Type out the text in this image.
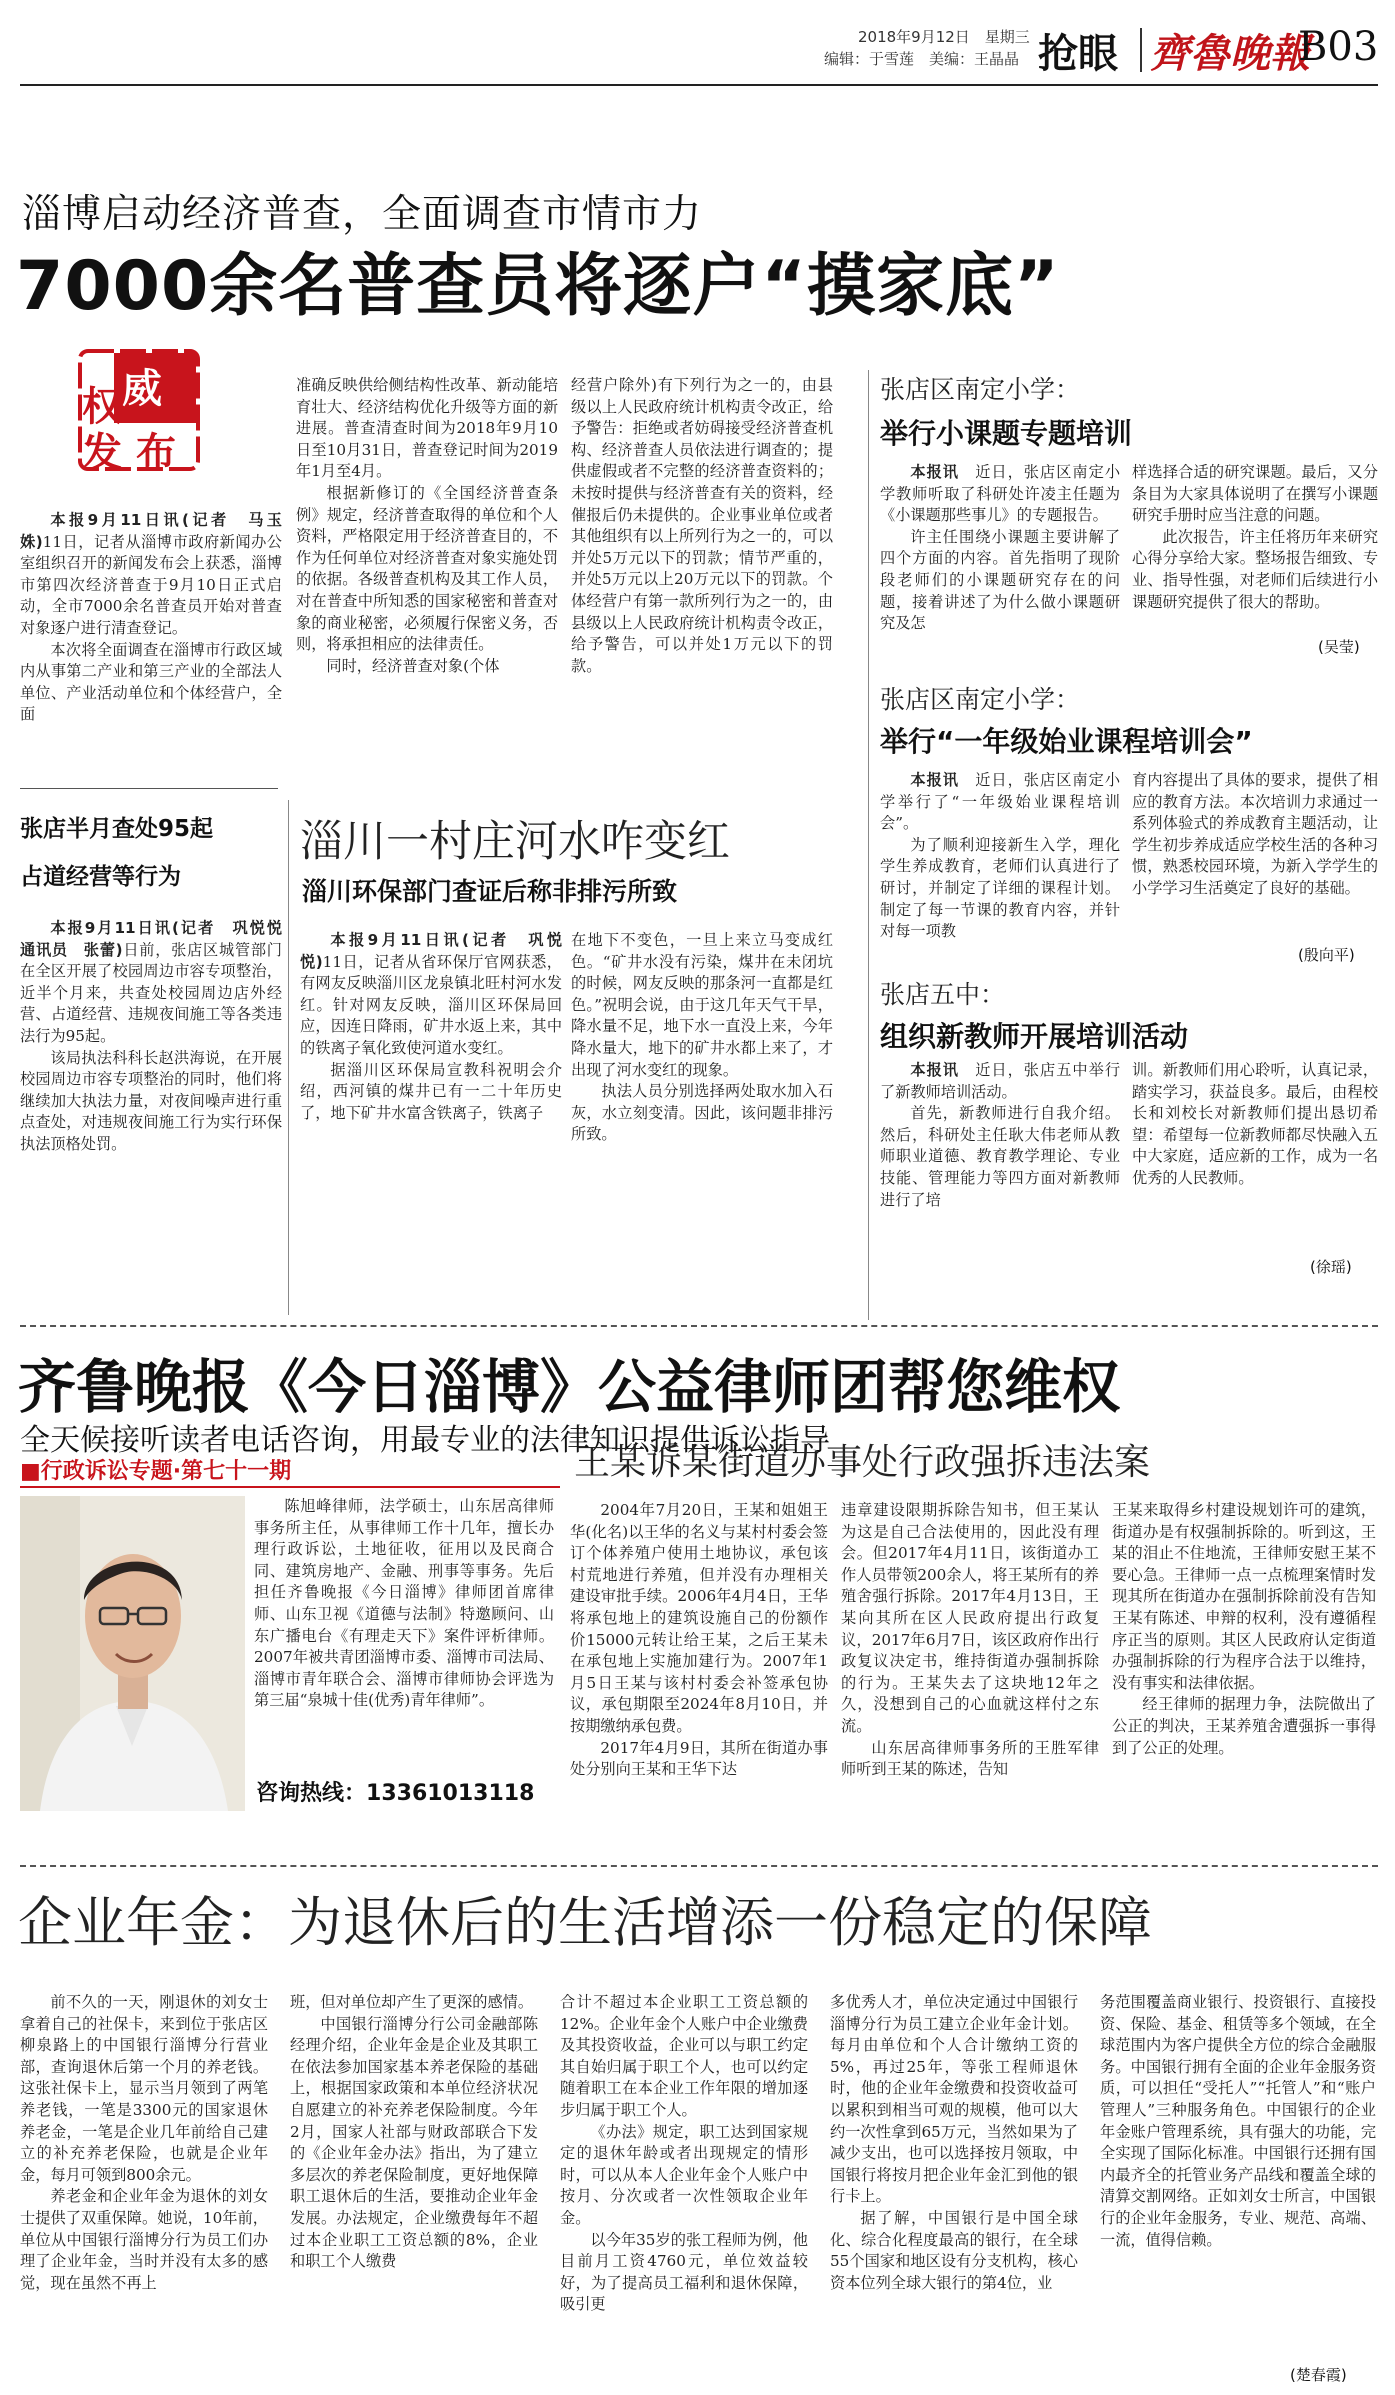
2018年9月12日　星期三
编辑：于雪莲　美编：王晶晶 抢眼 齊魯晚報
B03
淄博启动经济普查，全面调查市情市力
7000余名普查员将逐户“摸家底”
威
权
发 布

本报9月11日讯(记者　马玉姝)11日，记者从淄博市政府新闻办公室组织召开的新闻发布会上获悉，淄博市第四次经济普查于9月10日正式启动，全市7000余名普查员开始对普查对象逐户进行清查登记。

本次将全面调查在淄博市行政区域内从事第二产业和第三产业的全部法人单位、产业活动单位和个体经营户，全面

准确反映供给侧结构性改革、新动能培育壮大、经济结构优化升级等方面的新进展。普查清查时间为2018年9月10日至10月31日，普查登记时间为2019年1月至4月。

根据新修订的《全国经济普查条例》规定，经济普查取得的单位和个人资料，严格限定用于经济普查目的，不作为任何单位对经济普查对象实施处罚的依据。各级普查机构及其工作人员，对在普查中所知悉的国家秘密和普查对象的商业秘密，必须履行保密义务，否则，将承担相应的法律责任。

同时，经济普查对象(个体

经营户除外)有下列行为之一的，由县级以上人民政府统计机构责令改正，给予警告：拒绝或者妨碍接受经济普查机构、经济普查人员依法进行调查的；提供虚假或者不完整的经济普查资料的；未按时提供与经济普查有关的资料，经催报后仍未提供的。企业事业单位或者其他组织有以上所列行为之一的，可以并处5万元以下的罚款；情节严重的，并处5万元以上20万元以下的罚款。个体经营户有第一款所列行为之一的，由县级以上人民政府统计机构责令改正，给予警告，可以并处1万元以下的罚款。

张店半月查处95起
占道经营等行为

本报9月11日讯(记者　巩悦悦　通讯员　张蕾)日前，张店区城管部门在全区开展了校园周边市容专项整治，近半个月来，共查处校园周边店外经营、占道经营、违规夜间施工等各类违法行为95起。

该局执法科科长赵洪海说，在开展校园周边市容专项整治的同时，他们将继续加大执法力量，对夜间噪声进行重点查处，对违规夜间施工行为实行环保执法顶格处罚。

淄川一村庄河水咋变红
淄川环保部门查证后称非排污所致

本报9月11日讯(记者　巩悦悦)11日，记者从省环保厅官网获悉，有网友反映淄川区龙泉镇北旺村河水发红。针对网友反映，淄川区环保局回应，因连日降雨，矿井水返上来，其中的铁离子氧化致使河道水变红。

据淄川区环保局宣教科祝明会介绍，西河镇的煤井已有一二十年历史了，地下矿井水富含铁离子，铁离子

在地下不变色，一旦上来立马变成红色。“矿井水没有污染，煤井在未闭坑的时候，网友反映的那条河一直都是红色。”祝明会说，由于这几年天气干旱，降水量不足，地下水一直没上来，今年降水量大，地下的矿井水都上来了，才出现了河水变红的现象。

执法人员分别选择两处取水加入石灰，水立刻变清。因此，该问题非排污所致。

张店区南定小学：
举行小课题专题培训

本报讯　 近日，张店区南定小学教师听取了科研处许凌主任题为《小课题那些事儿》的专题报告。

许主任围绕小课题主要讲解了四个方面的内容。首先指明了现阶段老师们的小课题研究存在的问题，接着讲述了为什么做小课题研究及怎

样选择合适的研究课题。最后，又分条目为大家具体说明了在撰写小课题研究手册时应当注意的问题。

此次报告，许主任将历年来研究心得分享给大家。整场报告细致、专业、指导性强，对老师们后续进行小课题研究提供了很大的帮助。

(吴莹)
张店区南定小学：
举行“一年级始业课程培训会”

本报讯　 近日，张店区南定小学举行了“一年级始业课程培训会”。

为了顺利迎接新生入学，理化学生养成教育，老师们认真进行了研讨，并制定了详细的课程计划。制定了每一节课的教育内容，并针对每一项教

育内容提出了具体的要求，提供了相应的教育方法。本次培训力求通过一系列体验式的养成教育主题活动，让学生初步养成适应学校生活的各种习惯，熟悉校园环境，为新入学学生的小学学习生活奠定了良好的基础。

(殷向平)
张店五中：
组织新教师开展培训活动

本报讯　 近日，张店五中举行了新教师培训活动。

首先，新教师进行自我介绍。然后，科研处主任耿大伟老师从教师职业道德、教育教学理论、专业技能、管理能力等四方面对新教师进行了培

训。新教师们用心聆听，认真记录，踏实学习，获益良多。最后，由程校长和刘校长对新教师们提出恳切希望：希望每一位新教师都尽快融入五中大家庭，适应新的工作，成为一名优秀的人民教师。

(徐瑶)
齐鲁晚报《今日淄博》公益律师团帮您维权
全天候接听读者电话咨询，用最专业的法律知识提供诉讼指导
■行政诉讼专题·第七十一期

陈旭峰律师，法学硕士，山东居高律师事务所主任，从事律师工作十几年，擅长办理行政诉讼，土地征收，征用以及民商合同、建筑房地产、金融、刑事等事务。先后担任齐鲁晚报《今日淄博》律师团首席律师、山东卫视《道德与法制》特邀顾问、山东广播电台《有理走天下》案件评析律师。2007年被共青团淄博市委、淄博市司法局、淄博市青年联合会、淄博市律师协会评选为第三届“泉城十佳(优秀)青年律师”。

咨询热线：13361013118
王某诉某街道办事处行政强拆违法案

2004年7月20日，王某和姐姐王华(化名)以王华的名义与某村村委会签订个体养殖户使用土地协议，承包该村荒地进行养殖，但并没有办理相关建设审批手续。2006年4月4日，王华将承包地上的建筑设施自己的份额作价15000元转让给王某，之后王某未在承包地上实施加建行为。2007年1月5日王某与该村村委会补签承包协议，承包期限至2024年8月10日，并按期缴纳承包费。

2017年4月9日，其所在街道办事处分别向王某和王华下达

违章建设限期拆除告知书，但王某认为这是自己合法使用的，因此没有理会。但2017年4月11日，该街道办工作人员带领200余人，将王某所有的养殖舍强行拆除。2017年4月13日，王某向其所在区人民政府提出行政复议，2017年6月7日，该区政府作出行政复议决定书，维持街道办强制拆除的行为。王某失去了这块地12年之久，没想到自己的心血就这样付之东流。

山东居高律师事务所的王胜军律师听到王某的陈述，告知

王某来取得乡村建设规划许可的建筑，街道办是有权强制拆除的。听到这，王某的泪止不住地流，王律师安慰王某不要心急。王律师一点一点梳理案情时发现其所在街道办在强制拆除前没有告知王某有陈述、申辩的权利，没有遵循程序正当的原则。其区人民政府认定街道办强制拆除的行为程序合法于以维持，没有事实和法律依据。

经王律师的据理力争，法院做出了公正的判决，王某养殖舍遭强拆一事得到了公正的处理。

企业年金：为退休后的生活增添一份稳定的保障

前不久的一天，刚退休的刘女士拿着自己的社保卡，来到位于张店区柳泉路上的中国银行淄博分行营业部，查询退休后第一个月的养老钱。这张社保卡上，显示当月领到了两笔养老钱，一笔是3300元的国家退休养老金，一笔是企业几年前给自己建立的补充养老保险，也就是企业年金，每月可领到800余元。

养老金和企业年金为退休的刘女士提供了双重保障。她说，10年前，单位从中国银行淄博分行为员工们办理了企业年金，当时并没有太多的感觉，现在虽然不再上

班，但对单位却产生了更深的感情。

中国银行淄博分行公司金融部陈经理介绍，企业年金是企业及其职工在依法参加国家基本养老保险的基础上，根据国家政策和本单位经济状况自愿建立的补充养老保险制度。今年2月，国家人社部与财政部联合下发的《企业年金办法》指出，为了建立多层次的养老保险制度，更好地保障职工退休后的生活，要推动企业年金发展。办法规定，企业缴费每年不超过本企业职工工资总额的8%，企业和职工个人缴费

合计不超过本企业职工工资总额的12%。企业年金个人账户中企业缴费及其投资收益，企业可以与职工约定其自始归属于职工个人，也可以约定随着职工在本企业工作年限的增加逐步归属于职工个人。

《办法》规定，职工达到国家规定的退休年龄或者出现规定的情形时，可以从本人企业年金个人账户中按月、分次或者一次性领取企业年金。

以今年35岁的张工程师为例，他目前月工资4760元，单位效益较好，为了提高员工福利和退休保障，吸引更

多优秀人才，单位决定通过中国银行淄博分行为员工建立企业年金计划。每月由单位和个人合计缴纳工资的5%，再过25年，等张工程师退休时，他的企业年金缴费和投资收益可以累积到相当可观的规模，他可以大约一次性拿到65万元，当然如果为了减少支出，也可以选择按月领取，中国银行将按月把企业年金汇到他的银行卡上。

据了解，中国银行是中国全球化、综合化程度最高的银行，在全球55个国家和地区设有分支机构，核心资本位列全球大银行的第4位，业

务范围覆盖商业银行、投资银行、直接投资、保险、基金、租赁等多个领域，在全球范围内为客户提供全方位的综合金融服务。中国银行拥有全面的企业年金服务资质，可以担任“受托人”“托管人”和“账户管理人”三种服务角色。中国银行的企业年金账户管理系统，具有强大的功能，完全实现了国际化标准。中国银行还拥有国内最齐全的托管业务产品线和覆盖全球的清算交割网络。正如刘女士所言，中国银行的企业年金服务，专业、规范、高端、一流，值得信赖。

(楚春霞)
